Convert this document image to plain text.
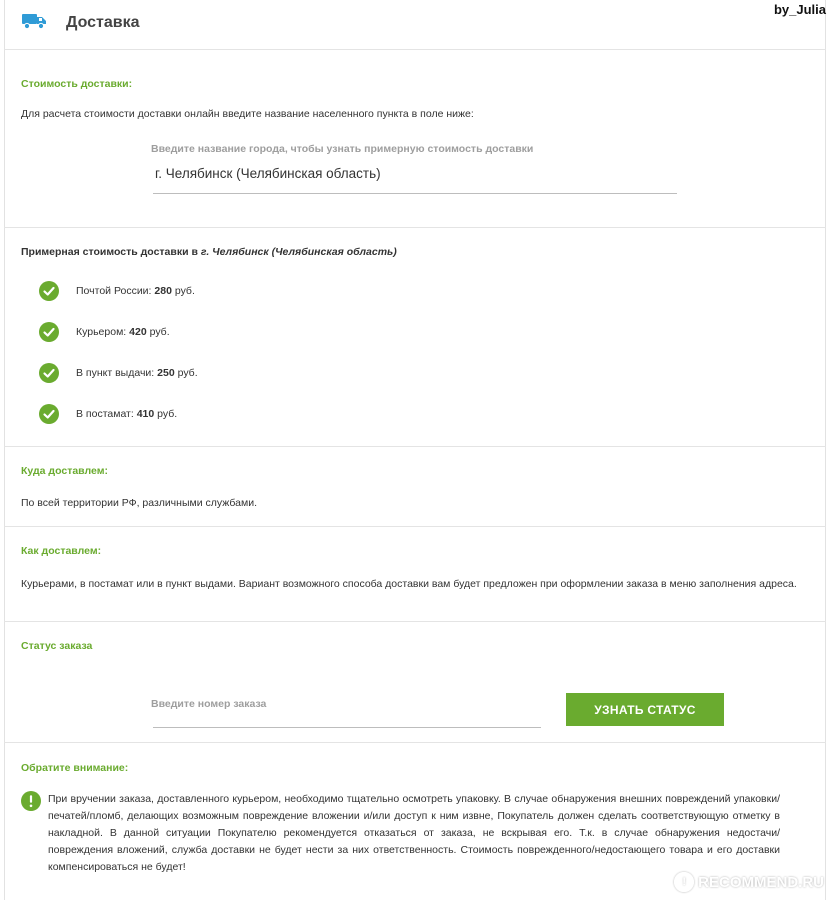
by_Julia
Доставка
Стоимость доставки:
Для расчета стоимости доставки онлайн введите название населенного пункта в поле ниже:
Введите название города, чтобы узнать примерную стоимость доставки
г. Челябинск (Челябинская область)
Примерная стоимость доставки в г. Челябинск (Челябинская область)
Почтой России: 280 руб.
Курьером: 420 руб.
В пункт выдачи: 250 руб.
В постамат: 410 руб.
Куда доставлем:
По всей территории РФ, различными службами.
Как доставлем:
Курьерами, в постамат или в пункт выдами. Вариант возможного способа доставки вам будет предложен при оформлении заказа в меню заполнения адреса.
Статус заказа
Введите номер заказа	УЗНАТЬ СТАТУС
Обратите внимание:
При вручении заказа, доставленного курьером, необходимо тщательно осмотреть упаковку. В случае обнаружения внешних повреждений упаковки/печатей/пломб, делающих возможным повреждение вложении и/или доступ к ним извне, Покупатель должен сделать соответствующую отметку в накладной. В данной ситуации Покупателю рекомендуется отказаться от заказа, не вскрывая его. Т.к. в случае обнаружения недостачи/повреждения вложений, служба доставки не будет нести за них ответственность. Стоимость поврежденного/недостающего товара и его доставки компенсироваться не будет!
! RECOMMEND.RU
